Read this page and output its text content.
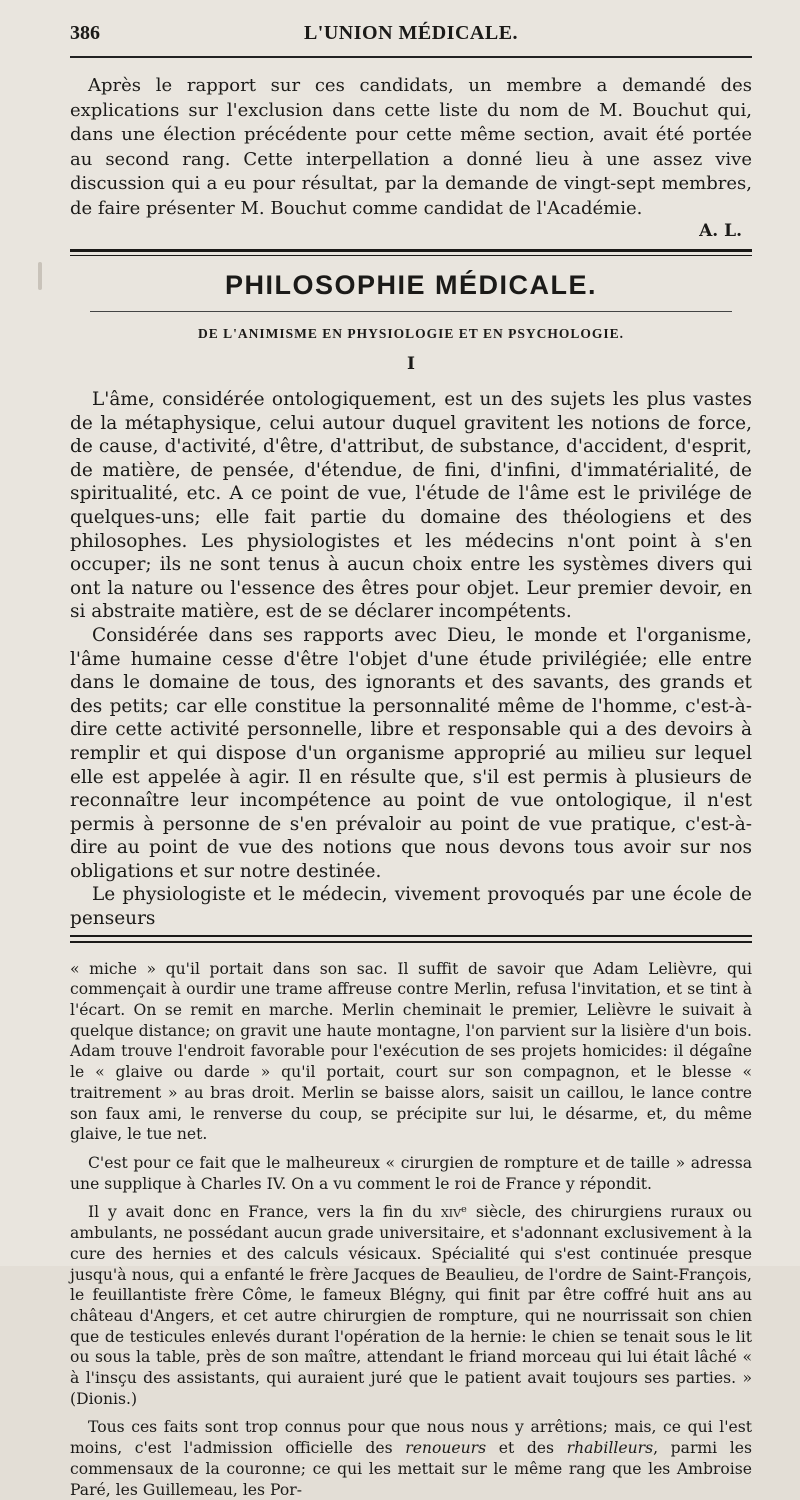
386	L'UNION MÉDICALE.

Après le rapport sur ces candidats, un membre a demandé des explications sur l'exclusion dans cette liste du nom de M. Bouchut qui, dans une élection précédente pour cette même section, avait été portée au second rang. Cette interpellation a donné lieu à une assez vive discussion qui a eu pour résultat, par la demande de vingt-sept membres, de faire présenter M. Bouchut comme candidat de l'Académie.

A. L.
PHILOSOPHIE MÉDICALE.
DE L'ANIMISME EN PHYSIOLOGIE ET EN PSYCHOLOGIE.
I

L'âme, considérée ontologiquement, est un des sujets les plus vastes de la métaphysique, celui autour duquel gravitent les notions de force, de cause, d'activité, d'être, d'attribut, de substance, d'accident, d'esprit, de matière, de pensée, d'étendue, de fini, d'infini, d'immatérialité, de spiritualité, etc. A ce point de vue, l'étude de l'âme est le privilége de quelques-uns; elle fait partie du domaine des théologiens et des philosophes. Les physiologistes et les médecins n'ont point à s'en occuper; ils ne sont tenus à aucun choix entre les systèmes divers qui ont la nature ou l'essence des êtres pour objet. Leur premier devoir, en si abstraite matière, est de se déclarer incompétents.

Considérée dans ses rapports avec Dieu, le monde et l'organisme, l'âme humaine cesse d'être l'objet d'une étude privilégiée; elle entre dans le domaine de tous, des ignorants et des savants, des grands et des petits; car elle constitue la personnalité même de l'homme, c'est-à-dire cette activité personnelle, libre et responsable qui a des devoirs à remplir et qui dispose d'un organisme approprié au milieu sur lequel elle est appelée à agir. Il en résulte que, s'il est permis à plusieurs de reconnaître leur incompétence au point de vue ontologique, il n'est permis à personne de s'en prévaloir au point de vue pratique, c'est-à-dire au point de vue des notions que nous devons tous avoir sur nos obligations et sur notre destinée.

Le physiologiste et le médecin, vivement provoqués par une école de penseurs

« miche » qu'il portait dans son sac. Il suffit de savoir que Adam Lelièvre, qui commençait à ourdir une trame affreuse contre Merlin, refusa l'invitation, et se tint à l'écart. On se remit en marche. Merlin cheminait le premier, Lelièvre le suivait à quelque distance; on gravit une haute montagne, l'on parvient sur la lisière d'un bois. Adam trouve l'endroit favorable pour l'exécution de ses projets homicides: il dégaîne le « glaive ou darde » qu'il portait, court sur son compagnon, et le blesse « traitrement » au bras droit. Merlin se baisse alors, saisit un caillou, le lance contre son faux ami, le renverse du coup, se précipite sur lui, le désarme, et, du même glaive, le tue net.

C'est pour ce fait que le malheureux « cirurgien de rompture et de taille » adressa une supplique à Charles IV. On a vu comment le roi de France y répondit.

Il y avait donc en France, vers la fin du xivᵉ siècle, des chirurgiens ruraux ou ambulants, ne possédant aucun grade universitaire, et s'adonnant exclusivement à la cure des hernies et des calculs vésicaux. Spécialité qui s'est continuée presque jusqu'à nous, qui a enfanté le frère Jacques de Beaulieu, de l'ordre de Saint-François, le feuillantiste frère Côme, le fameux Blégny, qui finit par être coffré huit ans au château d'Angers, et cet autre chirurgien de rompture, qui ne nourrissait son chien que de testicules enlevés durant l'opération de la hernie: le chien se tenait sous le lit ou sous la table, près de son maître, attendant le friand morceau qui lui était lâché « à l'insçu des assistants, qui auraient juré que le patient avait toujours ses parties. » (Dionis.)

Tous ces faits sont trop connus pour que nous nous y arrêtions; mais, ce qui l'est moins, c'est l'admission officielle des renoueurs et des rhabilleurs, parmi les commensaux de la couronne; ce qui les mettait sur le même rang que les Ambroise Paré, les Guillemeau, les Por-
